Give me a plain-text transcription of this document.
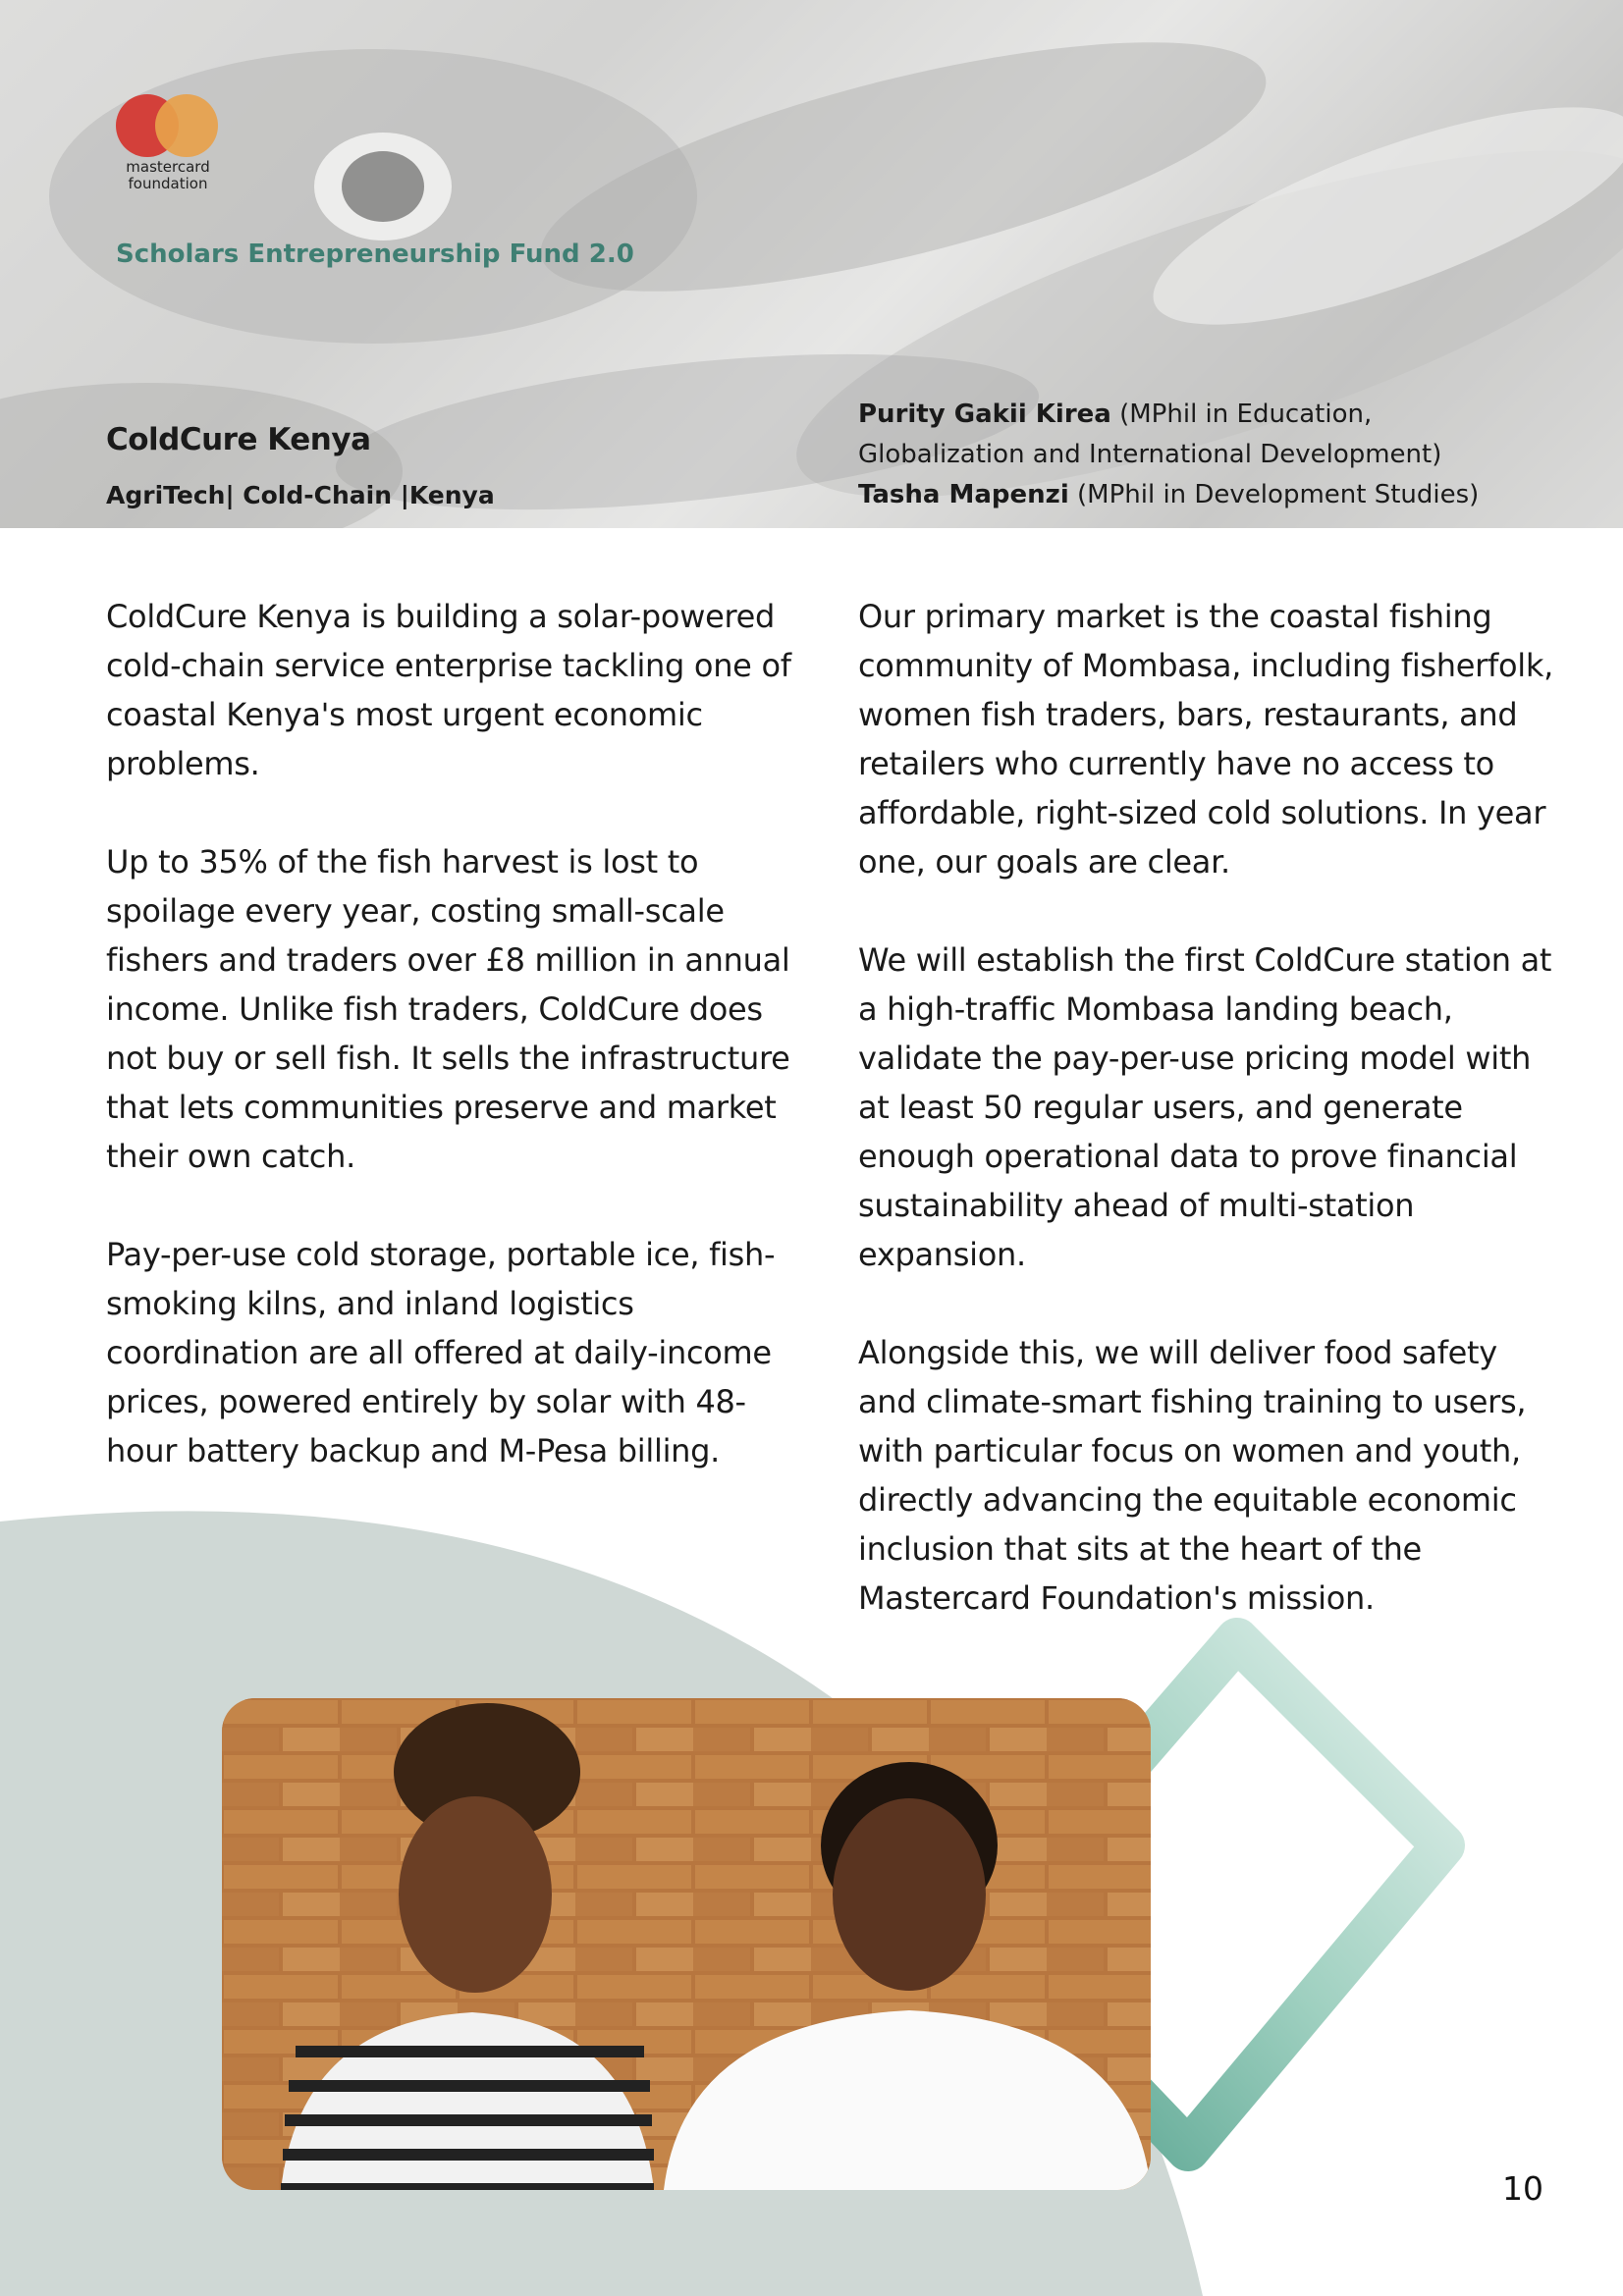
mastercard
foundation
Scholars Entrepreneurship Fund 2.0
ColdCure Kenya
AgriTech| Cold-Chain |Kenya
Purity Gakii Kirea (MPhil in Education, Globalization and International Development)
Tasha Mapenzi (MPhil in Development Studies)

ColdCure Kenya is building a solar-powered cold-chain service enterprise tackling one of coastal Kenya's most urgent economic problems.

Up to 35% of the fish harvest is lost to spoilage every year, costing small-scale fishers and traders over £8 million in annual income. Unlike fish traders, ColdCure does not buy or sell fish. It sells the infrastructure that lets communities preserve and market their own catch.

Pay-per-use cold storage, portable ice, fish-smoking kilns, and inland logistics coordination are all offered at daily-income prices, powered entirely by solar with 48-hour battery backup and M-Pesa billing.

Our primary market is the coastal fishing community of Mombasa, including fisherfolk, women fish traders, bars, restaurants, and retailers who currently have no access to affordable, right-sized cold solutions. In year one, our goals are clear.

We will establish the first ColdCure station at a high-traffic Mombasa landing beach, validate the pay-per-use pricing model with at least 50 regular users, and generate enough operational data to prove financial sustainability ahead of multi-station expansion.

Alongside this, we will deliver food safety and climate-smart fishing training to users, with particular focus on women and youth, directly advancing the equitable economic inclusion that sits at the heart of the Mastercard Foundation's mission.

10
